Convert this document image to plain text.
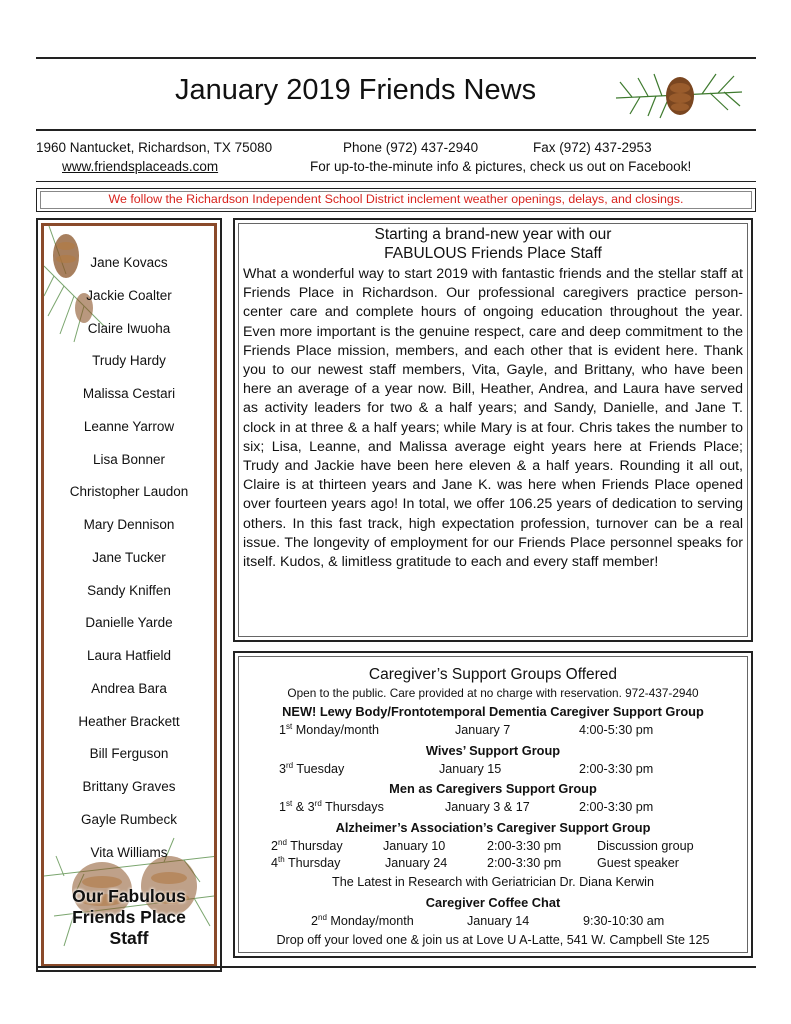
January 2019 Friends News
1960 Nantucket, Richardson, TX 75080	Phone (972) 437-2940	Fax (972) 437-2953
www.friendsplaceads.com	For up-to-the-minute info & pictures, check us out on Facebook!
We follow the Richardson Independent School District inclement weather openings, delays, and closings.
Jane Kovacs
Jackie Coalter
Claire Iwuoha
Trudy Hardy
Malissa Cestari
Leanne Yarrow
Lisa Bonner
Christopher Laudon
Mary Dennison
Jane Tucker
Sandy Kniffen
Danielle Yarde
Laura Hatfield
Andrea Bara
Heather Brackett
Bill Ferguson
Brittany Graves
Gayle Rumbeck
Vita Williams
Our Fabulous
Friends Place
Staff
Starting a brand-new year with our
FABULOUS Friends Place Staff
What a wonderful way to start 2019 with fantastic friends and the stellar staff at Friends Place in Richardson. Our professional caregivers practice person-center care and complete hours of ongoing education throughout the year. Even more important is the genuine respect, care and deep commitment to the Friends Place mission, members, and each other that is evident here. Thank you to our newest staff members, Vita, Gayle, and Brittany, who have been here an average of a year now. Bill, Heather, Andrea, and Laura have served as activity leaders for two & a half years; and Sandy, Danielle, and Jane T. clock in at three & a half years; while Mary is at four. Chris takes the number to six; Lisa, Leanne, and Malissa average eight years here at Friends Place; Trudy and Jackie have been here eleven & a half years. Rounding it all out, Claire is at thirteen years and Jane K. was here when Friends Place opened over fourteen years ago! In total, we offer 106.25 years of dedication to serving others. In this fast track, high expectation profession, turnover can be a real issue. The longevity of employment for our Friends Place personnel speaks for itself. Kudos, & limitless gratitude to each and every staff member!
Caregiver’s Support Groups Offered
Open to the public. Care provided at no charge with reservation. 972-437-2940
NEW! Lewy Body/Frontotemporal Dementia Caregiver Support Group
1st Monday/month	January 7	4:00-5:30 pm
Wives’ Support Group
3rd Tuesday	January 15	2:00-3:30 pm
Men as Caregivers Support Group
1st & 3rd Thursdays	January 3 & 17	2:00-3:30 pm
Alzheimer’s Association’s Caregiver Support Group
2nd Thursday	January 10	2:00-3:30 pm	Discussion group
4th Thursday	January 24	2:00-3:30 pm	Guest speaker
The Latest in Research with Geriatrician Dr. Diana Kerwin
Caregiver Coffee Chat
2nd Monday/month	January 14	9:30-10:30 am
Drop off your loved one & join us at Love U A-Latte, 541 W. Campbell Ste 125
